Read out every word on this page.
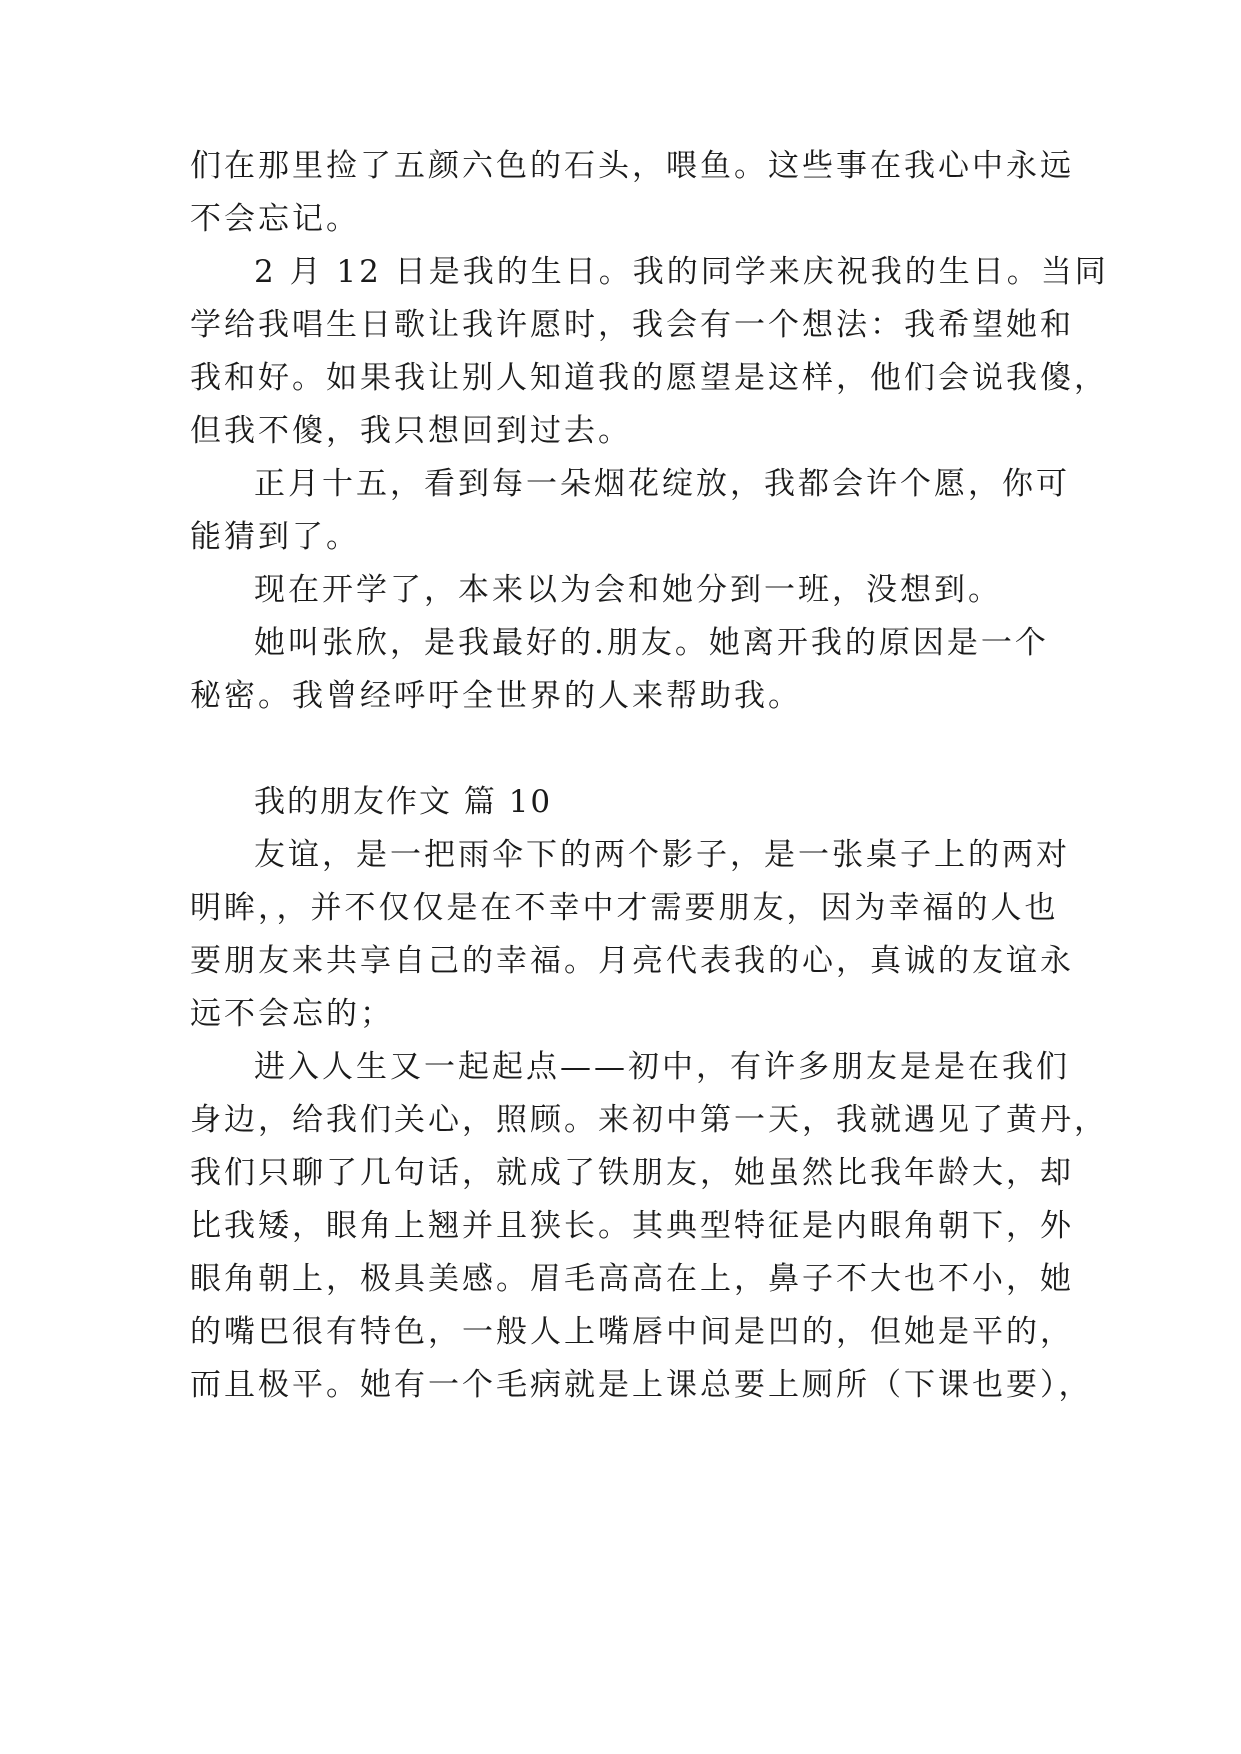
们在那里捡了五颜六色的石头，喂鱼。这些事在我心中永远
不会忘记。
2 月 12 日是我的生日。我的同学来庆祝我的生日。当同
学给我唱生日歌让我许愿时，我会有一个想法：我希望她和
我和好。如果我让别人知道我的愿望是这样，他们会说我傻，
但我不傻，我只想回到过去。
正月十五，看到每一朵烟花绽放，我都会许个愿，你可
能猜到了。
现在开学了，本来以为会和她分到一班，没想到。
她叫张欣，是我最好的.朋友。她离开我的原因是一个
秘密。我曾经呼吁全世界的人来帮助我。
我的朋友作文 篇 10
友谊，是一把雨伞下的两个影子，是一张桌子上的两对
明眸，，并不仅仅是在不幸中才需要朋友，因为幸福的人也
要朋友来共享自己的幸福。月亮代表我的心，真诚的友谊永
远不会忘的；
进入人生又一起起点——初中，有许多朋友是是在我们
身边，给我们关心，照顾。来初中第一天，我就遇见了黄丹，
我们只聊了几句话，就成了铁朋友，她虽然比我年龄大，却
比我矮，眼角上翘并且狭长。其典型特征是内眼角朝下，外
眼角朝上，极具美感。眉毛高高在上，鼻子不大也不小，她
的嘴巴很有特色，一般人上嘴唇中间是凹的，但她是平的，
而且极平。她有一个毛病就是上课总要上厕所（下课也要），
